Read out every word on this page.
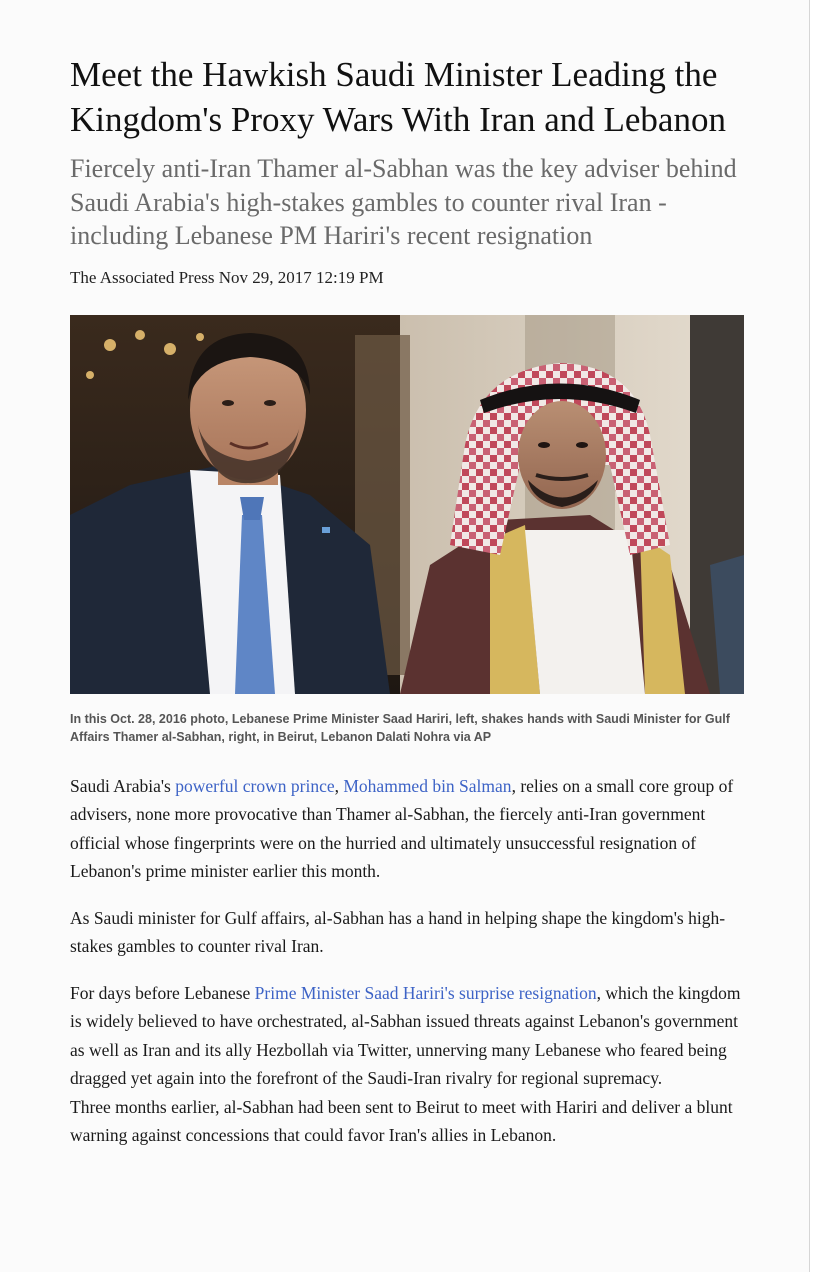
Meet the Hawkish Saudi Minister Leading the Kingdom's Proxy Wars With Iran and Lebanon
Fiercely anti-Iran Thamer al-Sabhan was the key adviser behind Saudi Arabia's high-stakes gambles to counter rival Iran - including Lebanese PM Hariri's recent resignation
The Associated Press Nov 29, 2017 12:19 PM
In this Oct. 28, 2016 photo, Lebanese Prime Minister Saad Hariri, left, shakes hands with Saudi Minister for Gulf Affairs Thamer al-Sabhan, right, in Beirut, Lebanon Dalati Nohra via AP

Saudi Arabia's powerful crown prince, Mohammed bin Salman, relies on a small core group of advisers, none more provocative than Thamer al-Sabhan, the fiercely anti-Iran government official whose fingerprints were on the hurried and ultimately unsuccessful resignation of Lebanon's prime minister earlier this month.

As Saudi minister for Gulf affairs, al-Sabhan has a hand in helping shape the kingdom's high-stakes gambles to counter rival Iran.

For days before Lebanese Prime Minister Saad Hariri's surprise resignation, which the kingdom is widely believed to have orchestrated, al-Sabhan issued threats against Lebanon's government as well as Iran and its ally Hezbollah via Twitter, unnerving many Lebanese who feared being dragged yet again into the forefront of the Saudi-Iran rivalry for regional supremacy.

Three months earlier, al-Sabhan had been sent to Beirut to meet with Hariri and deliver a blunt warning against concessions that could favor Iran's allies in Lebanon.
